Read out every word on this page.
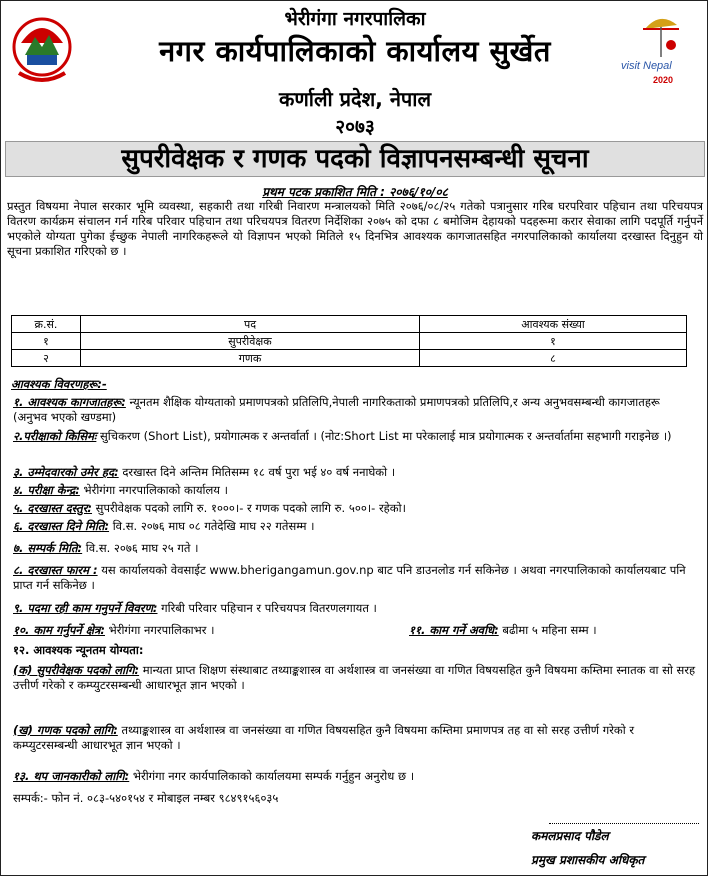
visit Nepal
2020
भेरीगंगा नगरपालिका
नगर कार्यपालिकाको कार्यालय सुर्खेत
कर्णाली प्रदेश, नेपाल
२०७३
सुपरीवेक्षक र गणक पदको विज्ञापनसम्बन्धी सूचना
प्रथम पटक प्रकाशित मिति : २०७६/१०/०८
प्रस्तुत विषयमा नेपाल सरकार भूमि व्यवस्था, सहकारी तथा गरिबी निवारण मन्त्रालयको मिति २०७६/०८/२५ गतेको पत्रानुसार गरिब घरपरिवार पहिचान तथा परिचयपत्र वितरण कार्यक्रम संचालन गर्न गरिब परिवार पहिचान तथा परिचयपत्र वितरण निर्देशिका २०७५ को दफा ८ बमोजिम देहायको पदहरूमा करार सेवाका लागि पदपूर्ति गर्नुपर्ने भएकोले योग्यता पुगेका ईच्छुक नेपाली नागरिकहरूले यो विज्ञापन भएको मितिले १५ दिनभित्र आवश्यक कागजातसहित नगरपालिकाको कार्यालया दरखास्त दिनुहुन यो सूचना प्रकाशित गरिएको छ ।
क्र.सं.	पद	आवश्यक संख्या
१	सुपरीवेक्षक	१
२	गणक	८
आवश्यक विवरणहरू:-
१. आवश्यक कागजातहरू: न्यूनतम शैक्षिक योग्यताको प्रमाणपत्रको प्रतिलिपि,नेपाली नागरिकताको प्रमाणपत्रको प्रतिलिपि,र अन्य अनुभवसम्बन्धी कागजातहरू (अनुभव भएको खण्डमा)
२.परीक्षाको किसिमः सुचिकरण (Short List), प्रयोगात्मक र अन्तर्वार्ता । (नोट:Short List मा परेकालाई मात्र प्रयोगात्मक र अन्तर्वार्तामा सहभागी गराइनेछ ।)
३. उम्मेदवारको उमेर हद: दरखास्त दिने अन्तिम मितिसम्म १८ वर्ष पुरा भई ४० वर्ष ननाघेको ।
४. परीक्षा केन्द्र: भेरीगंगा नगरपालिकाको कार्यालय ।
५. दरखास्त दस्तुर: सुपरीवेक्षक पदको लागि रु. १०००।- र गणक पदको लागि रु. ५००।- रहेको।
६. दरखास्त दिने मिति: वि.स. २०७६ माघ ०८ गतेदेखि माघ २२ गतेसम्म ।
७. सम्पर्क मिति: वि.स. २०७६ माघ २५ गते ।
८. दरखास्त फारम : यस कार्यालयको वेवसाईट www.bherigangamun.gov.np बाट पनि डाउनलोड गर्न सकिनेछ । अथवा नगरपालिकाको कार्यालयबाट पनि प्राप्त गर्न सकिनेछ ।
९. पदमा रही काम गनुपर्ने विवरण: गरिबी परिवार पहिचान र परिचयपत्र वितरणलगायत ।
१०. काम गर्नुपर्ने क्षेत्र: भेरीगंगा नगरपालिकाभर ।	११. काम गर्ने अवधि: बढीमा ५ महिना सम्म ।
१२. आवश्यक न्यूनतम योग्यता:
(क) सुपरीवेक्षक पदको लागि: मान्यता प्राप्त शिक्षण संस्थाबाट तथ्याङ्कशास्त्र वा अर्थशास्त्र वा जनसंख्या वा गणित विषयसहित कुनै विषयमा कम्तिमा स्नातक वा सो सरह उत्तीर्ण गरेको र कम्प्युटरसम्बन्धी आधारभूत ज्ञान भएको ।
(ख) गणक पदको लागि: तथ्याङ्कशास्त्र वा अर्थशास्त्र वा जनसंख्या वा गणित विषयसहित कुनै विषयमा कम्तिमा प्रमाणपत्र तह वा सो सरह उत्तीर्ण गरेको र कम्प्युटरसम्बन्धी आधारभूत ज्ञान भएको ।
१३. थप जानकारीको लागि: भेरीगंगा नगर कार्यपालिकाको कार्यालयमा सम्पर्क गर्नुहुन अनुरोध छ ।
सम्पर्क:- फोन नं. ०८३-५४०१५४ र मोबाइल नम्बर ९८४९१५६०३५
कमलप्रसाद पौडेल
प्रमुख प्रशासकीय अधिकृत
